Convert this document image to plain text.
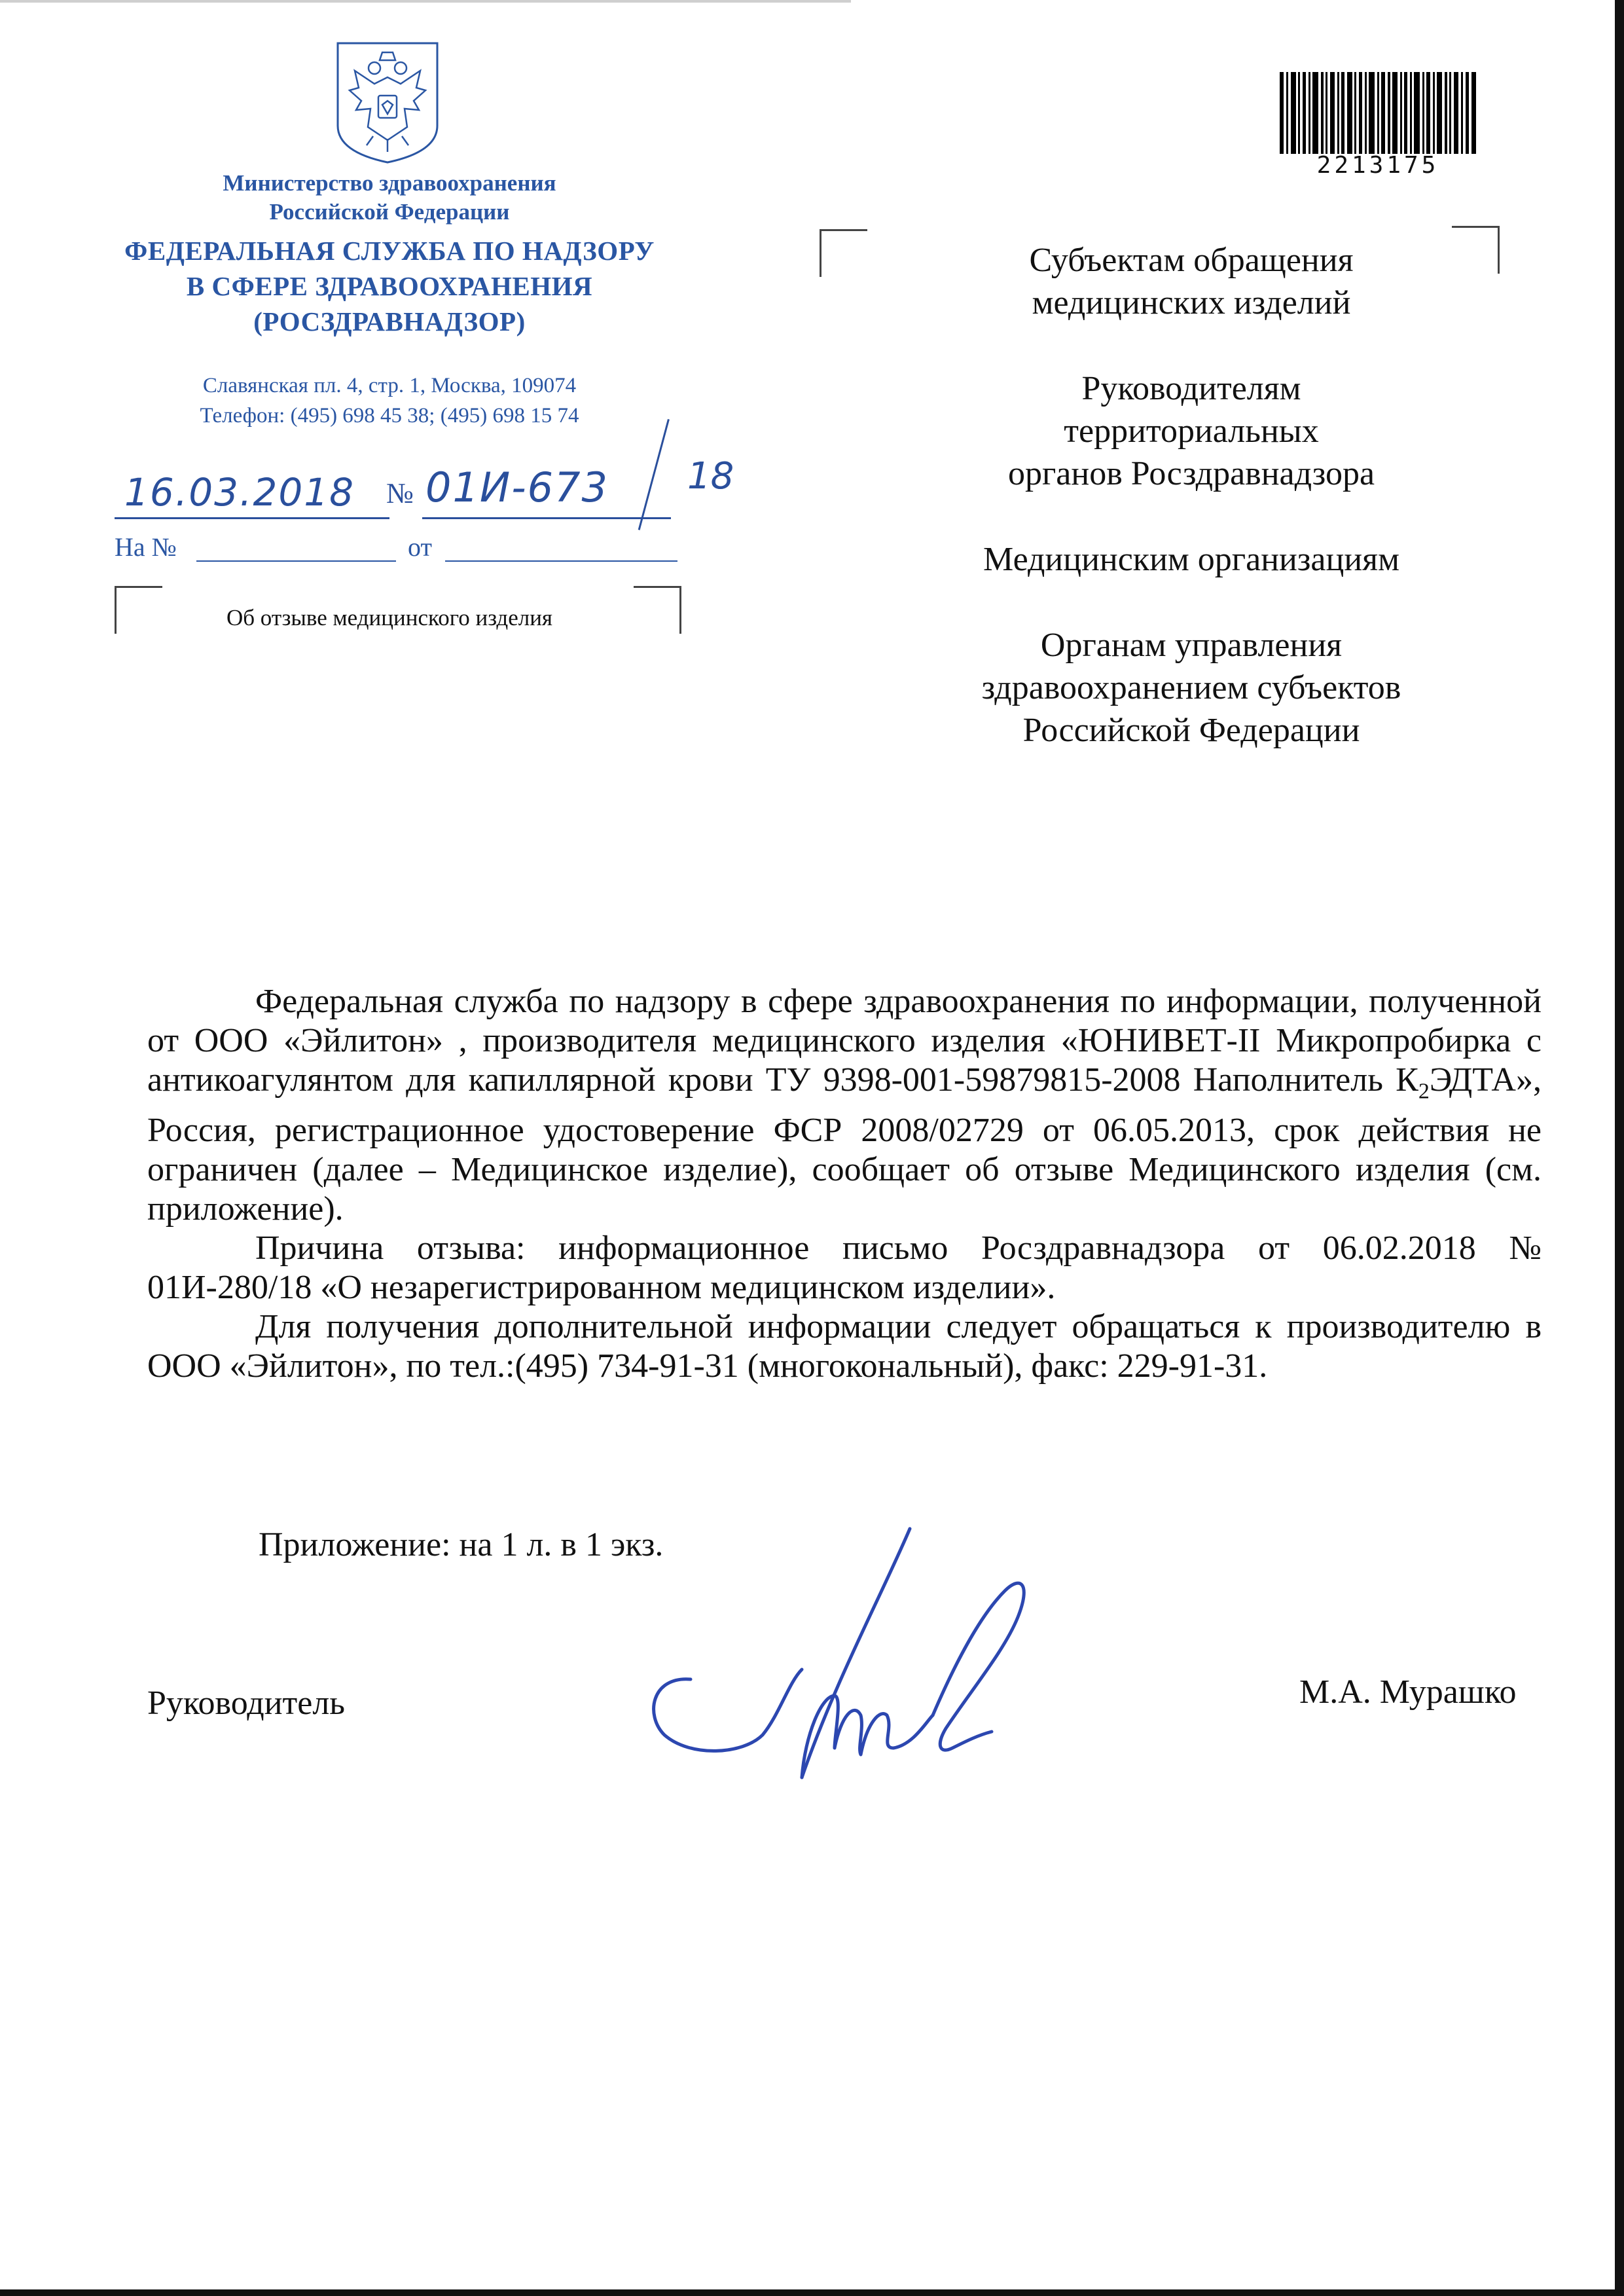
Министерство здравоохранения
Российской Федерации
ФЕДЕРАЛЬНАЯ СЛУЖБА ПО НАДЗОРУ
В СФЕРЕ ЗДРАВООХРАНЕНИЯ
(РОСЗДРАВНАДЗОР)
Славянская пл. 4, стр. 1, Москва, 109074
Телефон: (495) 698 45 38; (495) 698 15 74
16.03.2018 № 01И-673 18
На №	от
Об отзыве медицинского изделия
2213175
Субъектам обращения
медицинских изделий
Руководителям
территориальных
органов Росздравнадзора
Медицинским организациям
Органам управления
здравоохранением субъектов
Российской Федерации

Федеральная служба по надзору в сфере здравоохранения по информации, полученной от ООО «Эйлитон» , производителя медицинского изделия «ЮНИВЕТ-II Микропробирка с антикоагулянтом для капиллярной крови ТУ 9398-001-59879815-2008 Наполнитель $К_2ЭДТА$», Россия, регистрационное удостоверение ФСР 2008/02729 от 06.05.2013, срок действия не ограничен (далее – Медицинское изделие), сообщает об отзыве Медицинского изделия (см. приложение).

Причина отзыва: информационное письмо Росздравнадзора от 06.02.2018 № 01И-280/18 «О незарегистрированном медицинском изделии».

Для получения дополнительной информации следует обращаться к производителю в ООО «Эйлитон», по тел.:(495) 734-91-31 (многокональный), факс: 229-91-31.

Приложение: на 1 л. в 1 экз.
Руководитель	М.А. Мурашко
